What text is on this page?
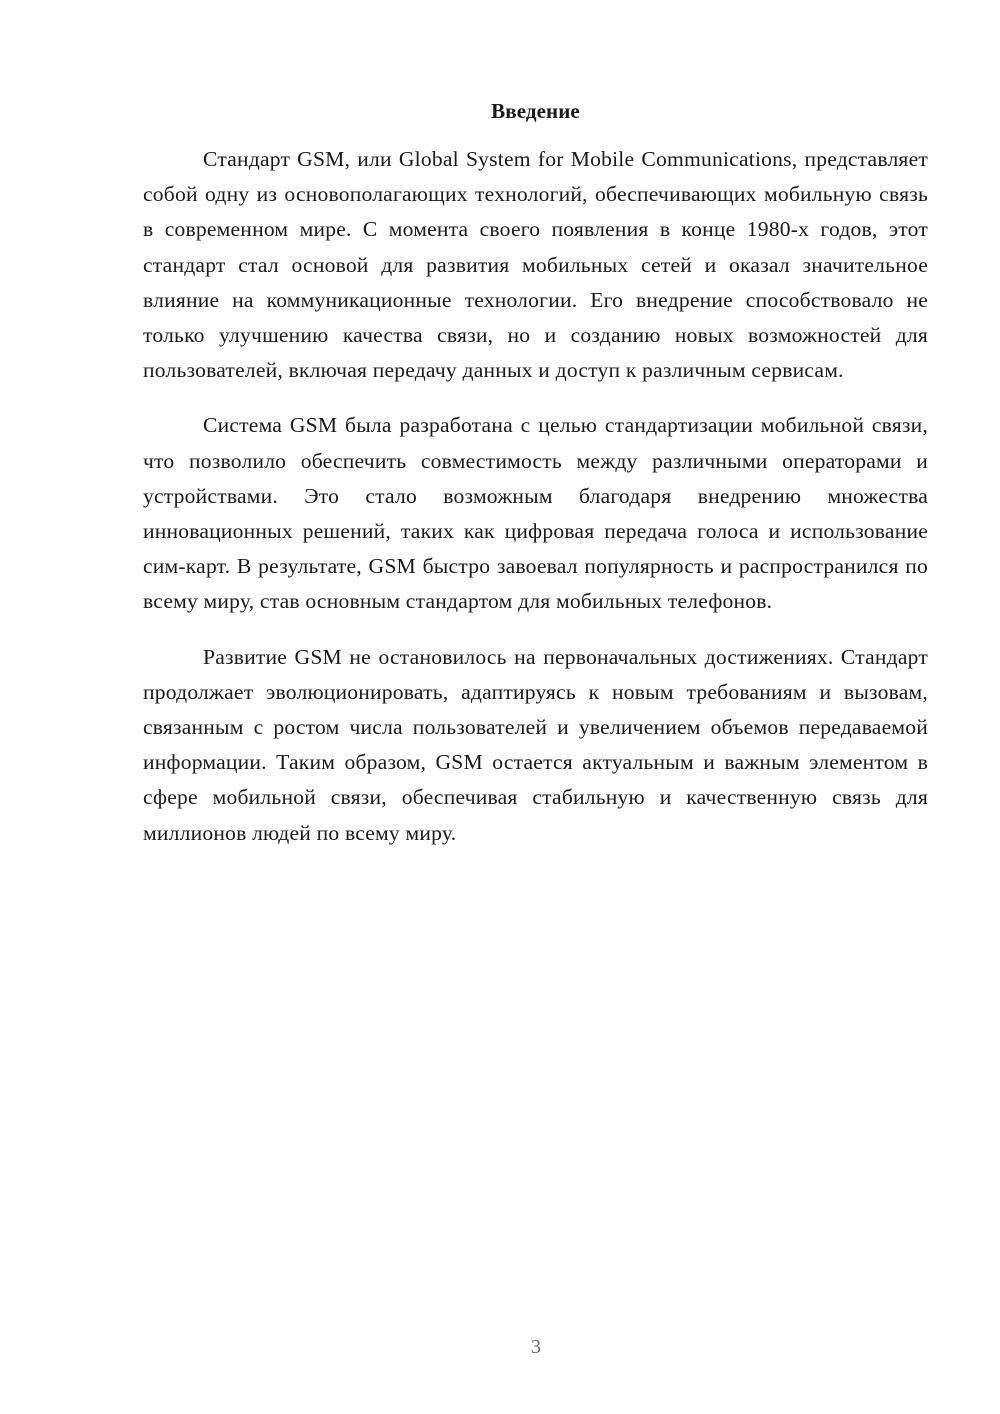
Введение

Стандарт GSM, или Global System for Mobile Communications, представляет собой одну из основополагающих технологий, обеспечивающих мобильную связь в современном мире. С момента своего появления в конце 1980-х годов, этот стандарт стал основой для развития мобильных сетей и оказал значительное влияние на коммуникационные технологии. Его внедрение способствовало не только улучшению качества связи, но и созданию новых возможностей для пользователей, включая передачу данных и доступ к различным сервисам.

Система GSM была разработана с целью стандартизации мобильной связи, что позволило обеспечить совместимость между различными операторами и устройствами. Это стало возможным благодаря внедрению множества инновационных решений, таких как цифровая передача голоса и использование сим-карт. В результате, GSM быстро завоевал популярность и распространился по всему миру, став основным стандартом для мобильных телефонов.

Развитие GSM не остановилось на первоначальных достижениях. Стандарт продолжает эволюционировать, адаптируясь к новым требованиям и вызовам, связанным с ростом числа пользователей и увеличением объемов передаваемой информации. Таким образом, GSM остается актуальным и важным элементом в сфере мобильной связи, обеспечивая стабильную и качественную связь для миллионов людей по всему миру.

3
